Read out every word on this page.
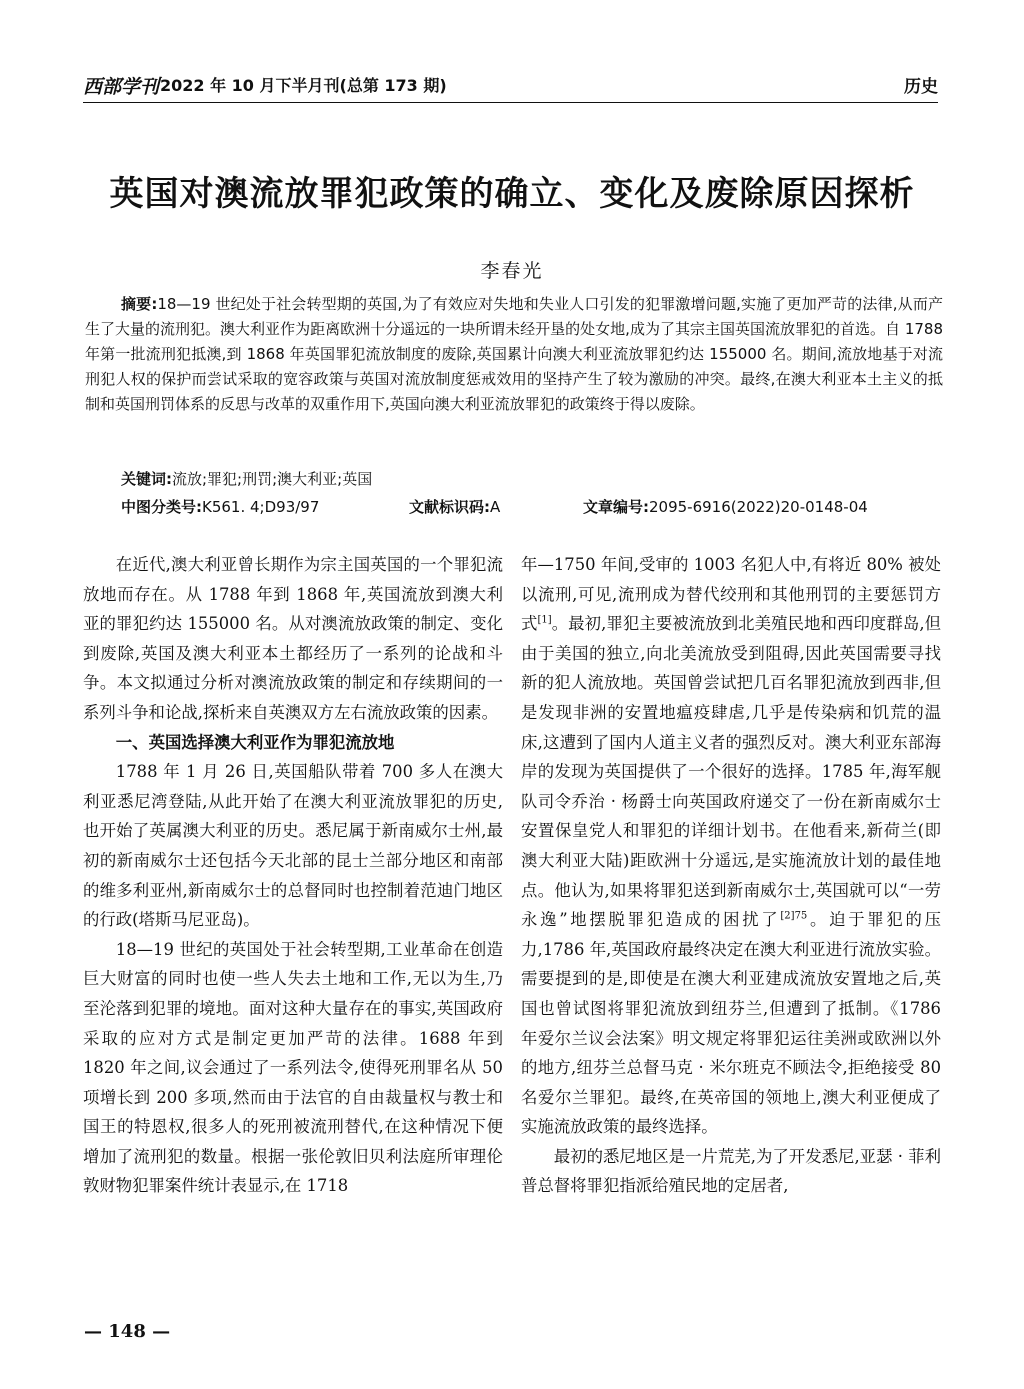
西部学刊 2022 年 10 月下半月刊(总第 173 期)	历史
英国对澳流放罪犯政策的确立、变化及废除原因探析
李春光
摘要:18—19 世纪处于社会转型期的英国,为了有效应对失地和失业人口引发的犯罪激增问题,实施了更加严苛的法律,从而产生了大量的流刑犯。澳大利亚作为距离欧洲十分遥远的一块所谓未经开垦的处女地,成为了其宗主国英国流放罪犯的首选。自 1788 年第一批流刑犯抵澳,到 1868 年英国罪犯流放制度的废除,英国累计向澳大利亚流放罪犯约达 155000 名。期间,流放地基于对流刑犯人权的保护而尝试采取的宽容政策与英国对流放制度惩戒效用的坚持产生了较为激励的冲突。最终,在澳大利亚本土主义的抵制和英国刑罚体系的反思与改革的双重作用下,英国向澳大利亚流放罪犯的政策终于得以废除。
关键词:流放;罪犯;刑罚;澳大利亚;英国
中图分类号:K561. 4;D93/97	文献标识码:A	文章编号:2095-6916(2022)20-0148-04

在近代,澳大利亚曾长期作为宗主国英国的一个罪犯流放地而存在。从 1788 年到 1868 年,英国流放到澳大利亚的罪犯约达 155000 名。从对澳流放政策的制定、变化到废除,英国及澳大利亚本土都经历了一系列的论战和斗争。本文拟通过分析对澳流放政策的制定和存续期间的一系列斗争和论战,探析来自英澳双方左右流放政策的因素。

一、英国选择澳大利亚作为罪犯流放地

1788 年 1 月 26 日,英国船队带着 700 多人在澳大利亚悉尼湾登陆,从此开始了在澳大利亚流放罪犯的历史,也开始了英属澳大利亚的历史。悉尼属于新南威尔士州,最初的新南威尔士还包括今天北部的昆士兰部分地区和南部的维多利亚州,新南威尔士的总督同时也控制着范迪门地区的行政(塔斯马尼亚岛)。

18—19 世纪的英国处于社会转型期,工业革命在创造巨大财富的同时也使一些人失去土地和工作,无以为生,乃至沦落到犯罪的境地。面对这种大量存在的事实,英国政府采取的应对方式是制定更加严苛的法律。1688 年到 1820 年之间,议会通过了一系列法令,使得死刑罪名从 50 项增长到 200 多项,然而由于法官的自由裁量权与教士和国王的特恩权,很多人的死刑被流刑替代,在这种情况下便增加了流刑犯的数量。根据一张伦敦旧贝利法庭所审理伦敦财物犯罪案件统计表显示,在 1718

年—1750 年间,受审的 1003 名犯人中,有将近 80% 被处以流刑,可见,流刑成为替代绞刑和其他刑罚的主要惩罚方式[1]。最初,罪犯主要被流放到北美殖民地和西印度群岛,但由于美国的独立,向北美流放受到阻碍,因此英国需要寻找新的犯人流放地。英国曾尝试把几百名罪犯流放到西非,但是发现非洲的安置地瘟疫肆虐,几乎是传染病和饥荒的温床,这遭到了国内人道主义者的强烈反对。澳大利亚东部海岸的发现为英国提供了一个很好的选择。1785 年,海军舰队司令乔治 · 杨爵士向英国政府递交了一份在新南威尔士安置保皇党人和罪犯的详细计划书。在他看来,新荷兰(即澳大利亚大陆)距欧洲十分遥远,是实施流放计划的最佳地点。他认为,如果将罪犯送到新南威尔士,英国就可以“一劳永逸”地摆脱罪犯造成的困扰了$^{[2]75}$。迫于罪犯的压力,1786 年,英国政府最终决定在澳大利亚进行流放实验。需要提到的是,即使是在澳大利亚建成流放安置地之后,英国也曾试图将罪犯流放到纽芬兰,但遭到了抵制。《1786 年爱尔兰议会法案》明文规定将罪犯运往美洲或欧洲以外的地方,纽芬兰总督马克 · 米尔班克不顾法令,拒绝接受 80 名爱尔兰罪犯。最终,在英帝国的领地上,澳大利亚便成了实施流放政策的最终选择。

最初的悉尼地区是一片荒芜,为了开发悉尼,亚瑟 · 菲利普总督将罪犯指派给殖民地的定居者,

— 148 —
